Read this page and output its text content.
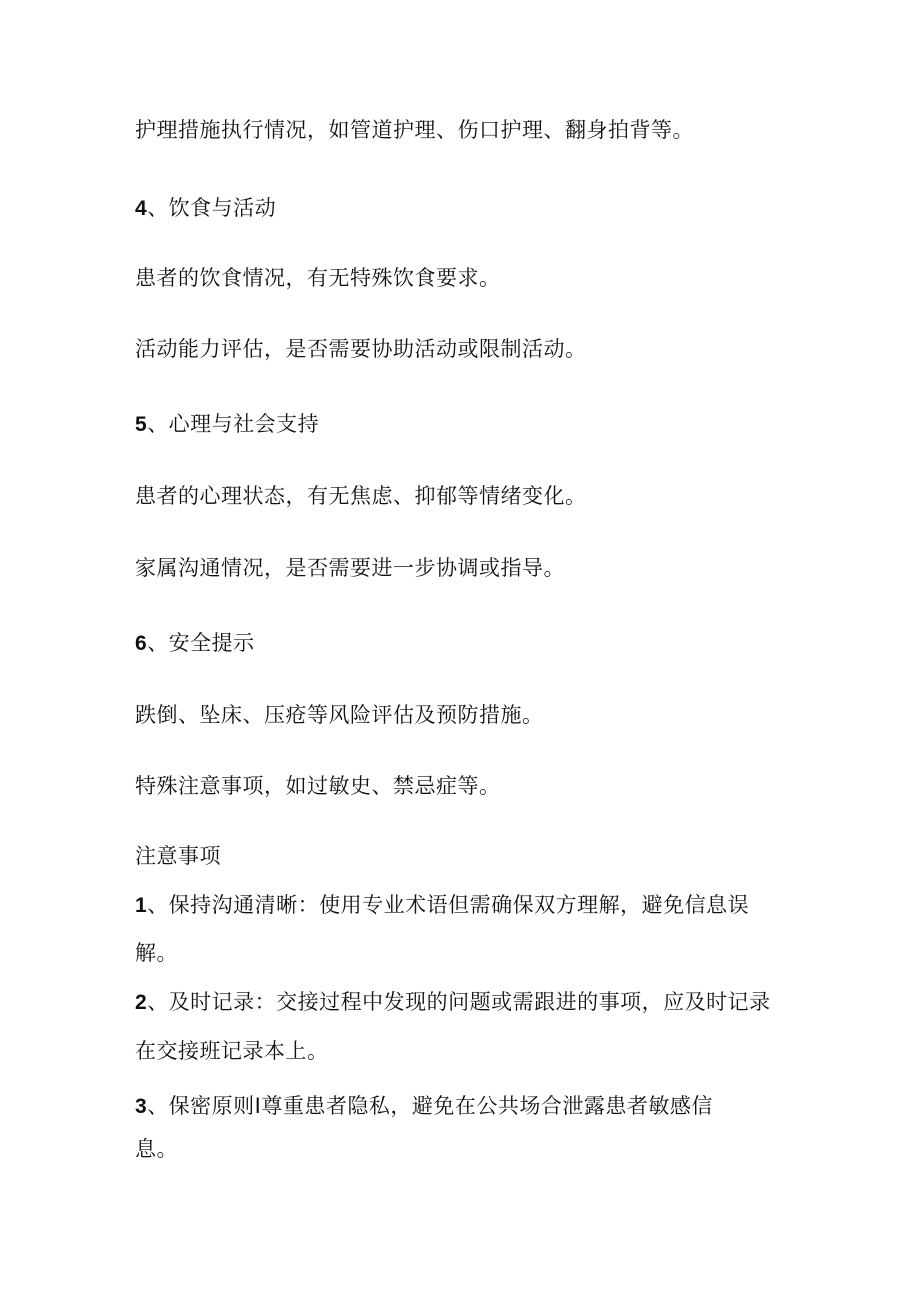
护理措施执行情况，如管道护理、伤口护理、翻身拍背等。
4、饮食与活动
患者的饮食情况，有无特殊饮食要求。
活动能力评估，是否需要协助活动或限制活动。
5、心理与社会支持
患者的心理状态，有无焦虑、抑郁等情绪变化。
家属沟通情况，是否需要进一步协调或指导。
6、安全提示
跌倒、坠床、压疮等风险评估及预防措施。
特殊注意事项，如过敏史、禁忌症等。
注意事项
1、保持沟通清晰：使用专业术语但需确保双方理解，避免信息误
解。
2、及时记录：交接过程中发现的问题或需跟进的事项，应及时记录
在交接班记录本上。
3、保密原则I尊重患者隐私，避免在公共场合泄露患者敏感信
息。
